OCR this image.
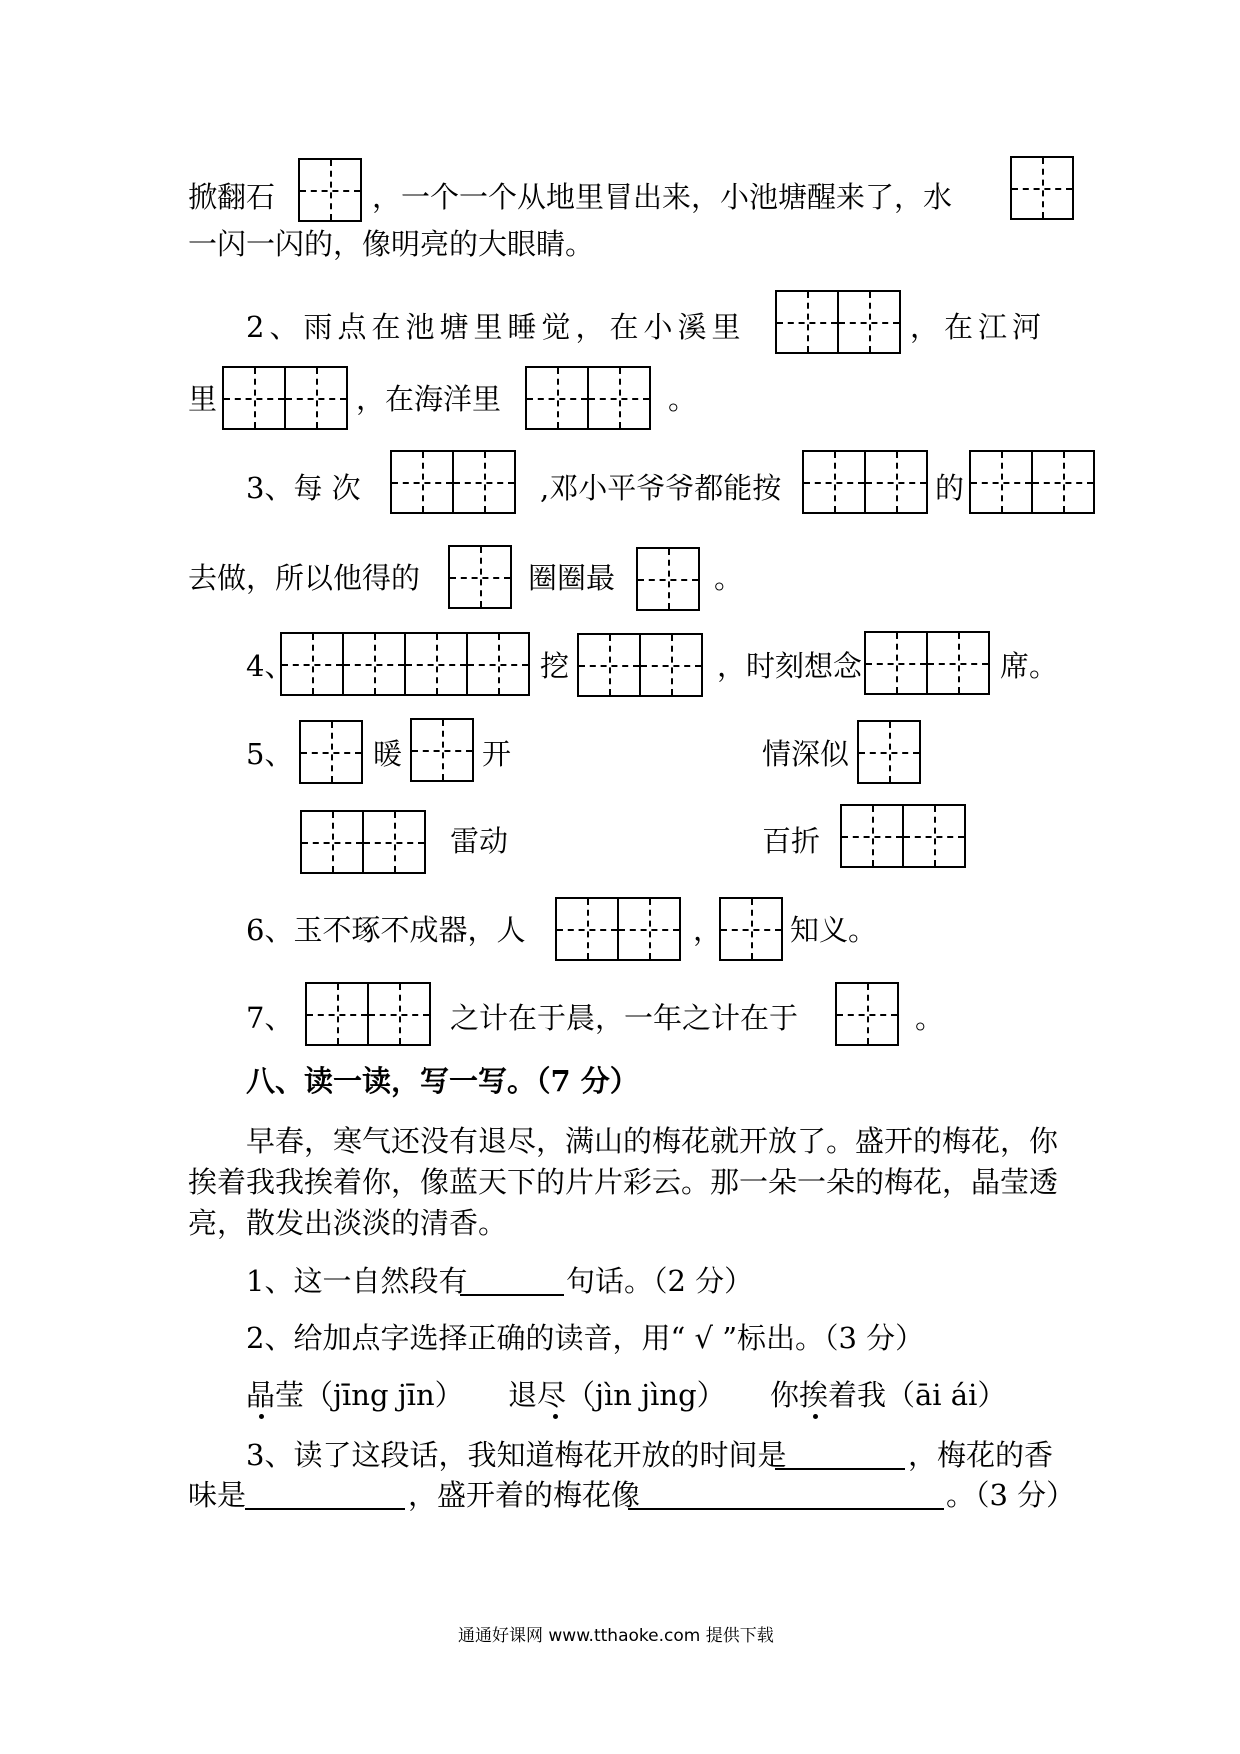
掀翻石	，一个一个从地里冒出来，小池塘醒来了，水
一闪一闪的，像明亮的大眼睛。
2、雨点在池塘里睡觉，在小溪里	，在江河
里	，在海洋里	。
3、每 次	,邓小平爷爷都能按	的
去做，所以他得的	圈圈最	。
4、	挖	，时刻想念	席。
5、	暖	开	情深似
雷动	百折
6、玉不琢不成器，人	， 知义。
7、	之计在于晨，一年之计在于	。
八、读一读，写一写。（7 分）
早春，寒气还没有退尽，满山的梅花就开放了。盛开的梅花，你
挨着我我挨着你，像蓝天下的片片彩云。那一朵一朵的梅花，晶莹透
亮，散发出淡淡的清香。
1、这一自然段有	句话。（2 分）
2、给加点字选择正确的读音，用“ √ ”标出。（3 分）
晶莹（jīng jīn） 退尽（jìn jìng） 你挨着我（āi ái）
3、读了这段话，我知道梅花开放的时间是	，梅花的香
味是	，盛开着的梅花像	。（3 分）
通通好课网 www.tthaoke.com 提供下载
